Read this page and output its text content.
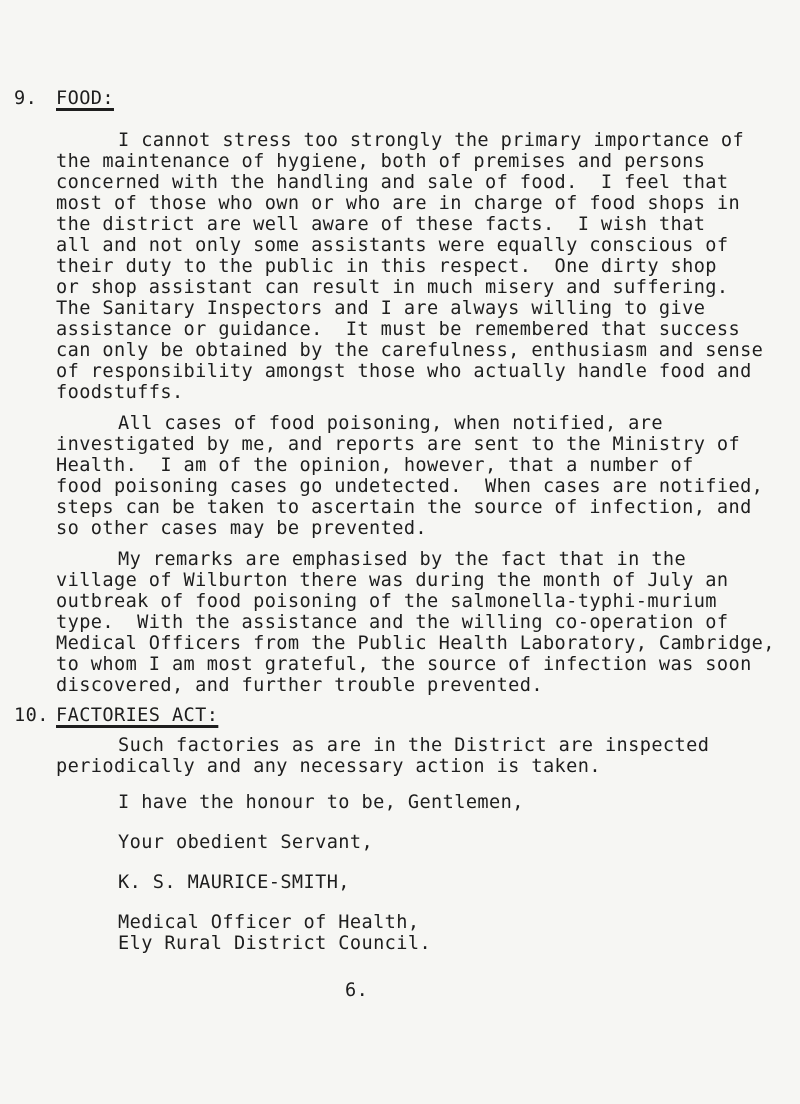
9. FOOD:
I cannot stress too strongly the primary importance of
the maintenance of hygiene, both of premises and persons
concerned with the handling and sale of food.  I feel that
most of those who own or who are in charge of food shops in
the district are well aware of these facts.  I wish that
all and not only some assistants were equally conscious of
their duty to the public in this respect.  One dirty shop
or shop assistant can result in much misery and suffering.
The Sanitary Inspectors and I are always willing to give
assistance or guidance.  It must be remembered that success
can only be obtained by the carefulness, enthusiasm and sense
of responsibility amongst those who actually handle food and
foodstuffs.
All cases of food poisoning, when notified, are
investigated by me, and reports are sent to the Ministry of
Health.  I am of the opinion, however, that a number of
food poisoning cases go undetected.  When cases are notified,
steps can be taken to ascertain the source of infection, and
so other cases may be prevented.
My remarks are emphasised by the fact that in the
village of Wilburton there was during the month of July an
outbreak of food poisoning of the salmonella-typhi-murium
type.  With the assistance and the willing co-operation of
Medical Officers from the Public Health Laboratory, Cambridge,
to whom I am most grateful, the source of infection was soon
discovered, and further trouble prevented.
10. FACTORIES ACT:
Such factories as are in the District are inspected
periodically and any necessary action is taken.
I have the honour to be, Gentlemen,
Your obedient Servant,
K. S. MAURICE-SMITH,
Medical Officer of Health,
Ely Rural District Council.
6.
